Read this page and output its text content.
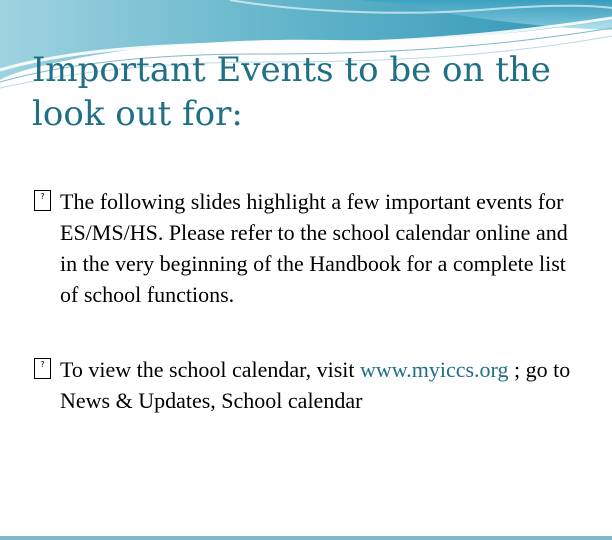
Important Events to be on the look out for:
? The following slides highlight a few important events for ES/MS/HS. Please refer to the school calendar online and in the very beginning of the Handbook for a complete list of school functions.
? To view the school calendar, visit www.myiccs.org ; go to News & Updates, School calendar
